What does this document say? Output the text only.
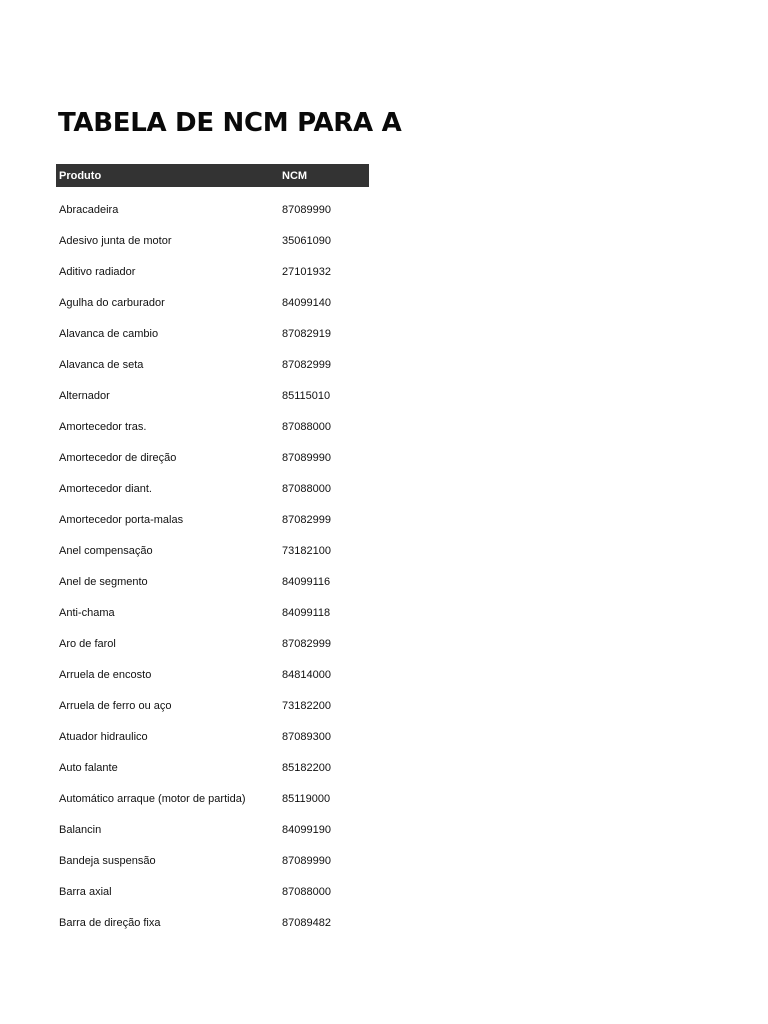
TABELA DE NCM PARA A
Produto	NCM
Abracadeira	87089990
Adesivo junta de motor	35061090
Aditivo radiador	27101932
Agulha do carburador	84099140
Alavanca de cambio	87082919
Alavanca de seta	87082999
Alternador	85115010
Amortecedor tras.	87088000
Amortecedor de direção	87089990
Amortecedor diant.	87088000
Amortecedor porta-malas	87082999
Anel compensação	73182100
Anel de segmento	84099116
Anti-chama	84099118
Aro de farol	87082999
Arruela de encosto	84814000
Arruela de ferro ou aço	73182200
Atuador hidraulico	87089300
Auto falante	85182200
Automático arraque (motor de partida)	85119000
Balancin	84099190
Bandeja suspensão	87089990
Barra axial	87088000
Barra de direção fixa	87089482
